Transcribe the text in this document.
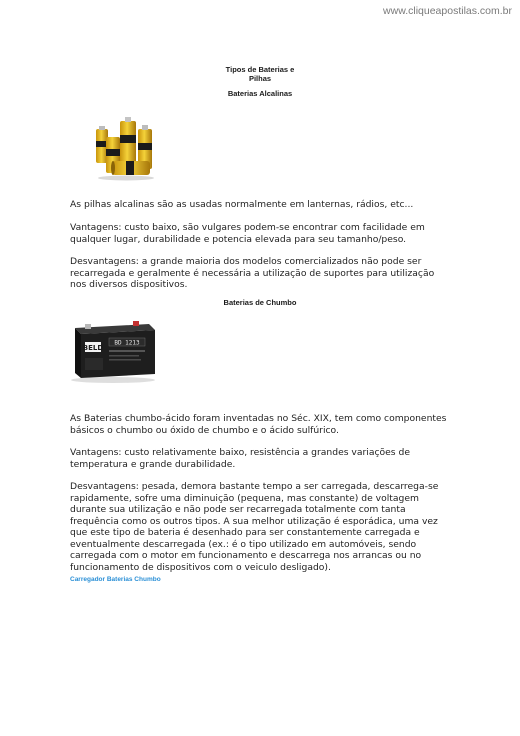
www.cliqueapostilas.com.br
Tipos de Baterias e Pilhas
Baterias Alcalinas
As pilhas alcalinas são as usadas normalmente em lanternas, rádios, etc...
Vantagens: custo baixo, são vulgares podem-se encontrar com facilidade em qualquer lugar, durabilidade e potencia elevada para seu tamanho/peso.
Desvantagens: a grande maioria dos modelos comercializados não pode ser recarregada e geralmente é necessária a utilização de suportes para utilização nos diversos dispositivos.
Baterias de Chumbo
BELD
BD 1213
As Baterias chumbo-ácido foram inventadas no Séc. XIX, tem como componentes básicos o chumbo ou óxido de chumbo e o ácido sulfúrico.
Vantagens: custo relativamente baixo, resistência a grandes variações de temperatura e grande durabilidade.
Desvantagens: pesada, demora bastante tempo a ser carregada, descarrega-se rapidamente, sofre uma diminuição (pequena, mas constante) de voltagem durante sua utilização e não pode ser recarregada totalmente com tanta frequência como os outros tipos. A sua melhor utilização é esporádica, uma vez que este tipo de bateria é desenhado para ser constantemente carregada e eventualmente descarregada (ex.: é o tipo utilizado em automóveis, sendo carregada com o motor em funcionamento e descarrega nos arrancas ou no funcionamento de dispositivos com o veiculo desligado).
Carregador Baterias Chumbo
